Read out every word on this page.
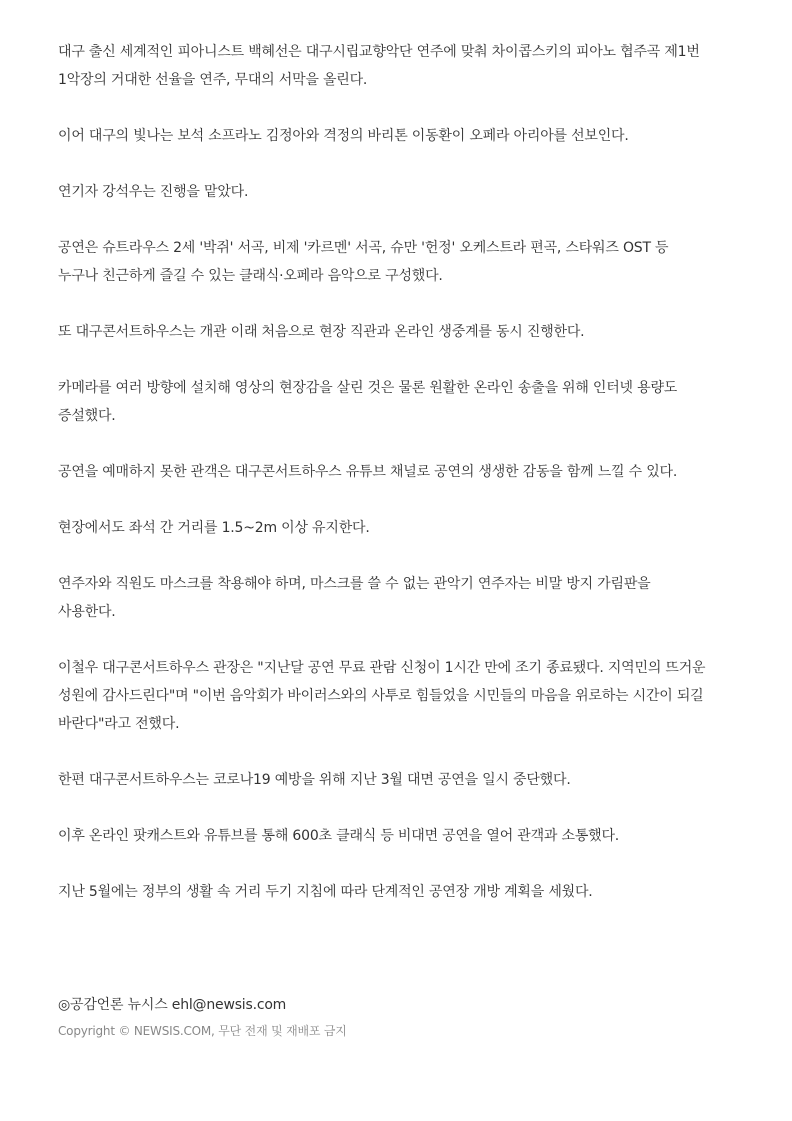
대구 출신 세계적인 피아니스트 백혜선은 대구시립교향악단 연주에 맞춰 차이콥스키의 피아노 협주곡 제1번 1악장의 거대한 선율을 연주, 무대의 서막을 올린다.

이어 대구의 빛나는 보석 소프라노 김정아와 격정의 바리톤 이동환이 오페라 아리아를 선보인다.

연기자 강석우는 진행을 맡았다.

공연은 슈트라우스 2세 '박쥐' 서곡, 비제 '카르멘' 서곡, 슈만 '헌정' 오케스트라 편곡, 스타워즈 OST 등 누구나 친근하게 즐길 수 있는 클래식·오페라 음악으로 구성했다.

또 대구콘서트하우스는 개관 이래 처음으로 현장 직관과 온라인 생중계를 동시 진행한다.

카메라를 여러 방향에 설치해 영상의 현장감을 살린 것은 물론 원활한 온라인 송출을 위해 인터넷 용량도 증설했다.

공연을 예매하지 못한 관객은 대구콘서트하우스 유튜브 채널로 공연의 생생한 감동을 함께 느낄 수 있다.

현장에서도 좌석 간 거리를 1.5~2m 이상 유지한다.

연주자와 직원도 마스크를 착용해야 하며, 마스크를 쓸 수 없는 관악기 연주자는 비말 방지 가림판을 사용한다.

이철우 대구콘서트하우스 관장은 "지난달 공연 무료 관람 신청이 1시간 만에 조기 종료됐다. 지역민의 뜨거운 성원에 감사드린다"며 "이번 음악회가 바이러스와의 사투로 힘들었을 시민들의 마음을 위로하는 시간이 되길 바란다"라고 전했다.

한편 대구콘서트하우스는 코로나19 예방을 위해 지난 3월 대면 공연을 일시 중단했다.

이후 온라인 팟캐스트와 유튜브를 통해 600초 클래식 등 비대면 공연을 열어 관객과 소통했다.

지난 5월에는 정부의 생활 속 거리 두기 지침에 따라 단계적인 공연장 개방 계획을 세웠다.

◎공감언론 뉴시스 ehl@newsis.com
Copyright © NEWSIS.COM, 무단 전재 및 재배포 금지
